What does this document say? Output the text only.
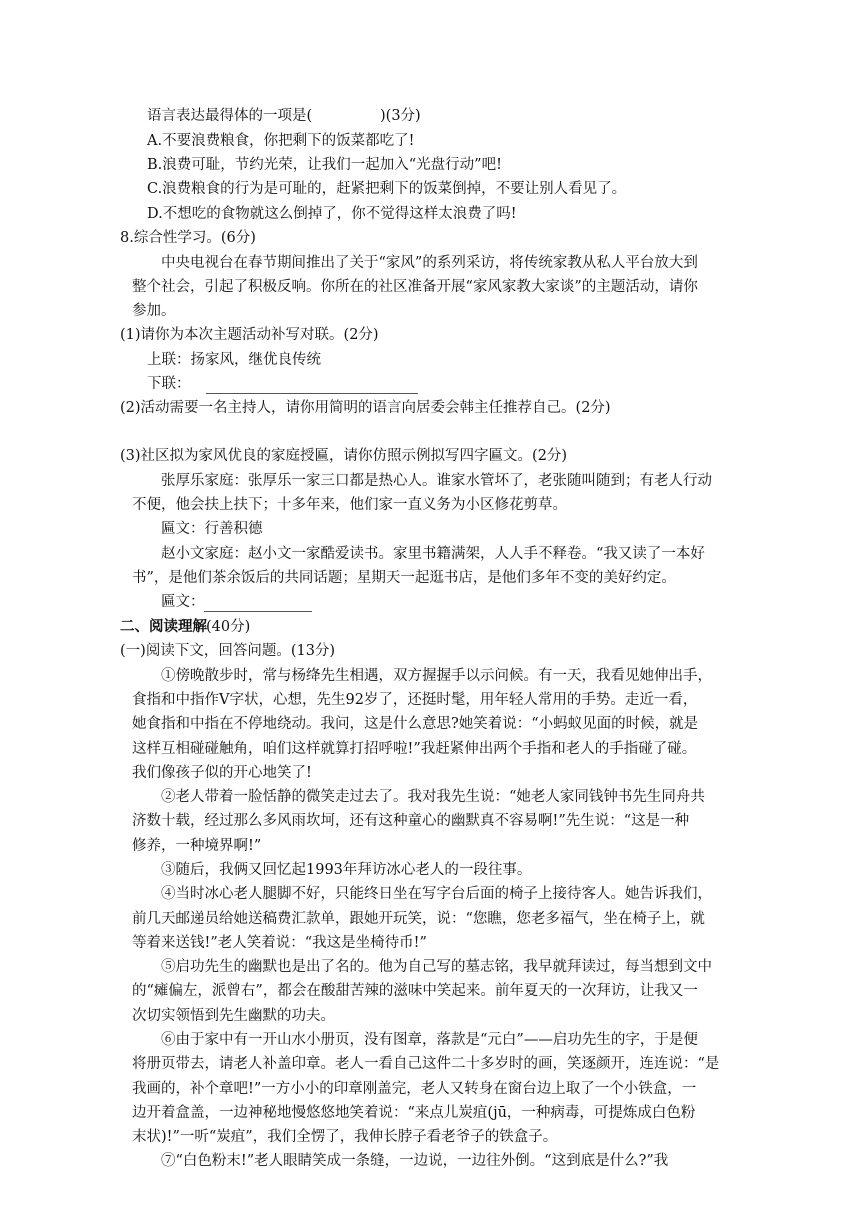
语言表达最得体的一项是(	)(3分)
A.不要浪费粮食，你把剩下的饭菜都吃了!
B.浪费可耻，节约光荣，让我们一起加入“光盘行动”吧!
C.浪费粮食的行为是可耻的，赶紧把剩下的饭菜倒掉，不要让别人看见了。
D.不想吃的食物就这么倒掉了，你不觉得这样太浪费了吗!
8.综合性学习。(6分)
中央电视台在春节期间推出了关于“家风”的系列采访，将传统家教从私人平台放大到
整个社会，引起了积极反响。你所在的社区准备开展“家风家教大家谈”的主题活动，请你
参加。
(1)请你为本次主题活动补写对联。(2分)
上联：扬家风，继优良传统
下联：
(2)活动需要一名主持人，请你用简明的语言向居委会韩主任推荐自己。(2分)
(3)社区拟为家风优良的家庭授匾，请你仿照示例拟写四字匾文。(2分)
张厚乐家庭：张厚乐一家三口都是热心人。谁家水管坏了，老张随叫随到；有老人行动
不便，他会扶上扶下；十多年来，他们家一直义务为小区修花剪草。
匾文：行善积德
赵小文家庭：赵小文一家酷爱读书。家里书籍满架，人人手不释卷。“我又读了一本好
书”，是他们茶余饭后的共同话题；星期天一起逛书店，是他们多年不变的美好约定。
匾文：
二、阅读理解 (40分)
(一)阅读下文，回答问题。(13分)
①傍晚散步时，常与杨绛先生相遇，双方握握手以示问候。有一天，我看见她伸出手，
食指和中指作V字状，心想，先生92岁了，还挺时髦，用年轻人常用的手势。走近一看，
她食指和中指在不停地绕动。我问，这是什么意思?她笑着说：“小蚂蚁见面的时候，就是
这样互相碰碰触角，咱们这样就算打招呼啦!”我赶紧伸出两个手指和老人的手指碰了碰。
我们像孩子似的开心地笑了!
②老人带着一脸恬静的微笑走过去了。我对我先生说：“她老人家同钱钟书先生同舟共
济数十载，经过那么多风雨坎坷，还有这种童心的幽默真不容易啊!”先生说：“这是一种
修养，一种境界啊!”
③随后，我俩又回忆起1993年拜访冰心老人的一段往事。
④当时冰心老人腿脚不好，只能终日坐在写字台后面的椅子上接待客人。她告诉我们，
前几天邮递员给她送稿费汇款单，跟她开玩笑，说：“您瞧，您老多福气，坐在椅子上，就
等着来送钱!”老人笑着说：“我这是坐椅待币!”
⑤启功先生的幽默也是出了名的。他为自己写的墓志铭，我早就拜读过，每当想到文中
的“瘫偏左，派曾右”，都会在酸甜苦辣的滋味中笑起来。前年夏天的一次拜访，让我又一
次切实领悟到先生幽默的功夫。
⑥由于家中有一开山水小册页，没有图章，落款是“元白”——启功先生的字，于是便
将册页带去，请老人补盖印章。老人一看自己这件二十多岁时的画，笑逐颜开，连连说：“是
我画的，补个章吧!”一方小小的印章刚盖完，老人又转身在窗台边上取了一个小铁盒，一
边开着盒盖，一边神秘地慢悠悠地笑着说：“来点儿炭疽(jū，一种病毒，可提炼成白色粉
末状)!”一听“炭疽”，我们全愣了，我伸长脖子看老爷子的铁盒子。
⑦“白色粉末!”老人眼睛笑成一条缝，一边说，一边往外倒。“这到底是什么?”我
